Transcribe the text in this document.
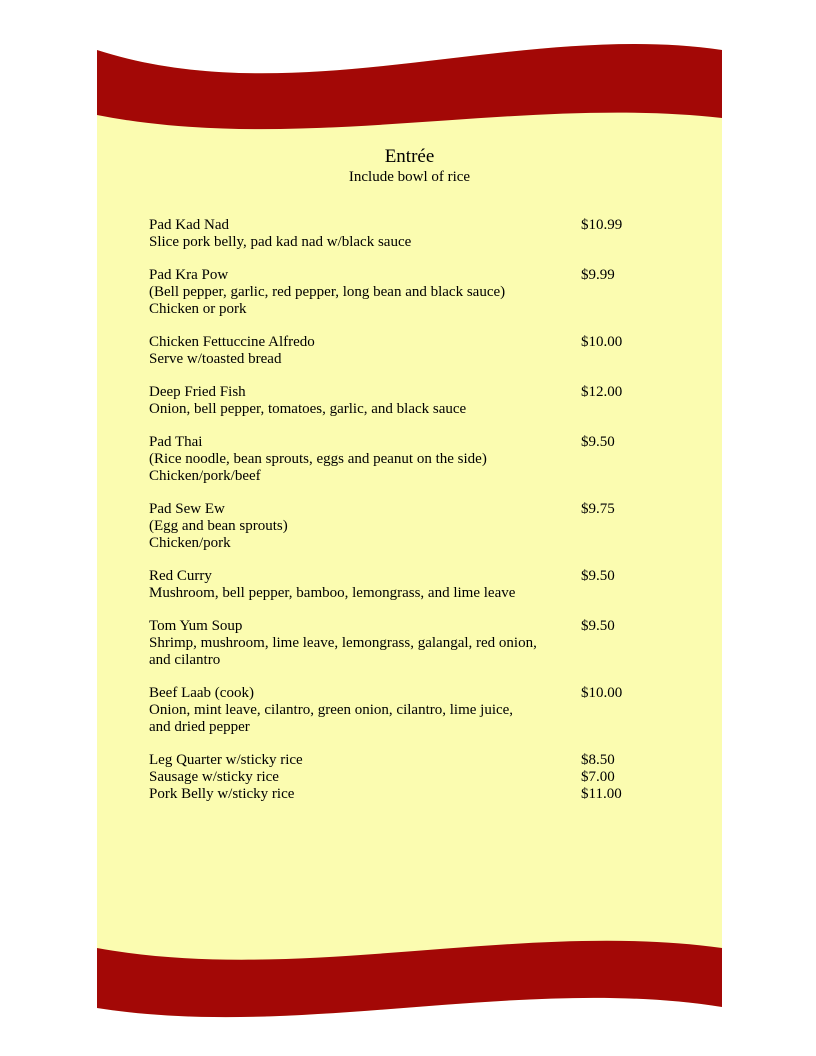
Entrée
Include bowl of rice
Pad Kad Nad	$10.99
Slice pork belly, pad kad nad w/black sauce
Pad Kra Pow	$9.99
(Bell pepper, garlic, red pepper, long bean and black sauce)
Chicken or pork
Chicken Fettuccine Alfredo	$10.00
Serve w/toasted bread
Deep Fried Fish	$12.00
Onion, bell pepper, tomatoes, garlic, and black sauce
Pad Thai	$9.50
(Rice noodle, bean sprouts, eggs and peanut on the side)
Chicken/pork/beef
Pad Sew Ew	$9.75
(Egg and bean sprouts)
Chicken/pork
Red Curry	$9.50
Mushroom, bell pepper, bamboo, lemongrass, and lime leave
Tom Yum Soup	$9.50
Shrimp, mushroom, lime leave, lemongrass, galangal, red onion,
and cilantro
Beef Laab (cook)	$10.00
Onion, mint leave, cilantro, green onion, cilantro, lime juice,
and dried pepper
Leg Quarter w/sticky rice	$8.50
Sausage w/sticky rice	$7.00
Pork Belly w/sticky rice	$11.00
